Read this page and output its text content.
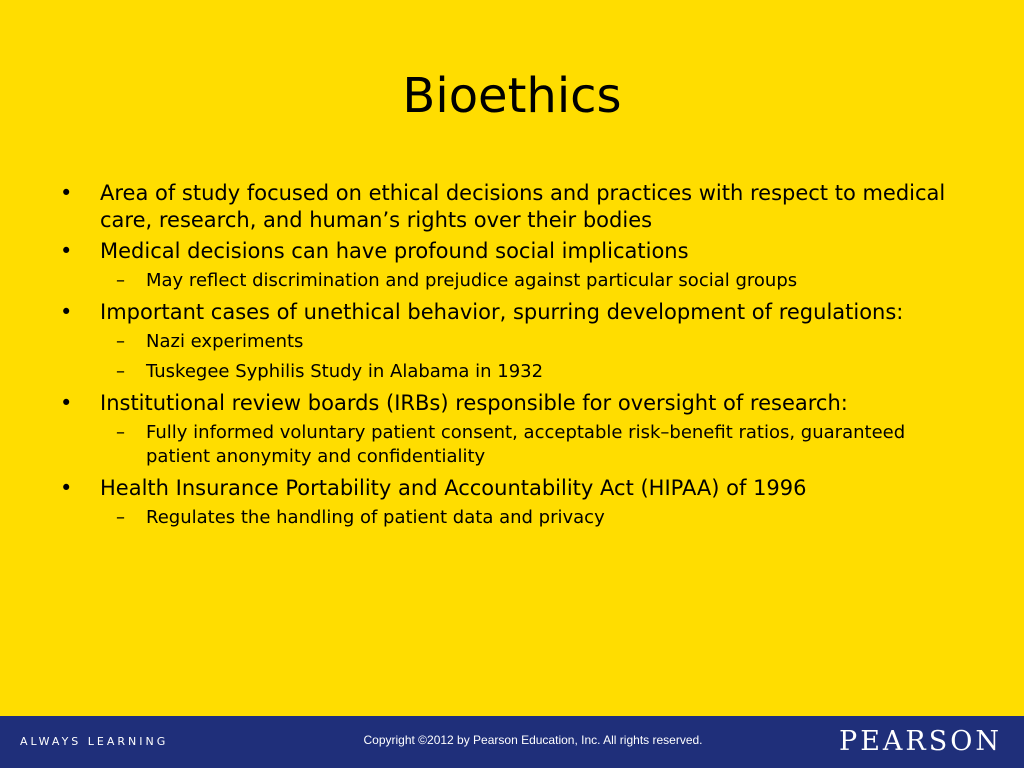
Bioethics
•	Area of study focused on ethical decisions and practices with respect to medical care, research, and human’s rights over their bodies
•	Medical decisions can have profound social implications
–	May reflect discrimination and prejudice against particular social groups
•	Important cases of unethical behavior, spurring development of regulations:
–	Nazi experiments
–	Tuskegee Syphilis Study in Alabama in 1932
•	Institutional review boards (IRBs) responsible for oversight of research:
–	Fully informed voluntary patient consent, acceptable risk–benefit ratios, guaranteed patient anonymity and confidentiality
•	Health Insurance Portability and Accountability Act (HIPAA) of 1996
–	Regulates the handling of patient data and privacy
ALWAYS LEARNING	Copyright ©2012 by Pearson Education, Inc. All rights reserved.	PEARSON
